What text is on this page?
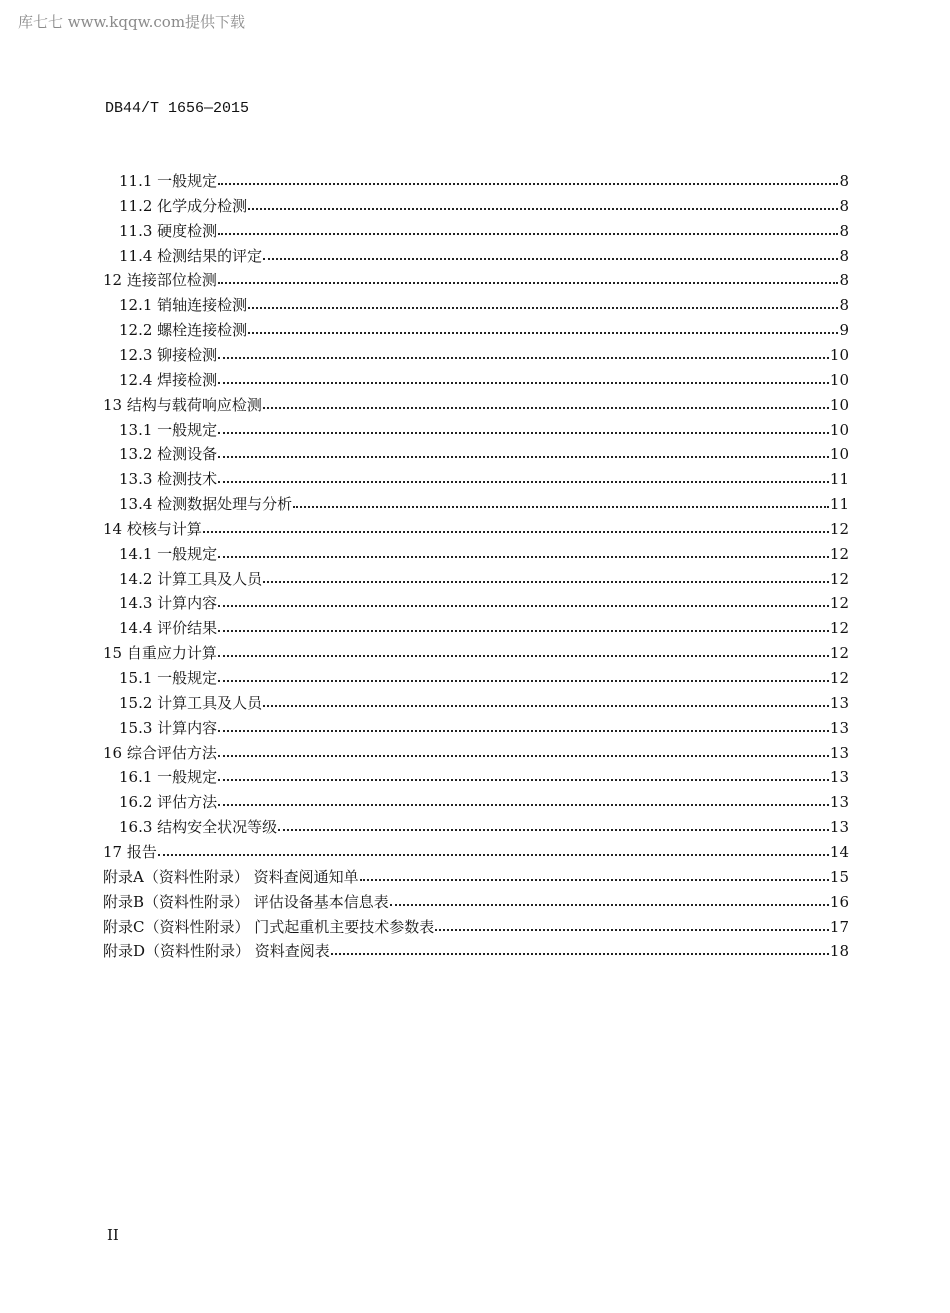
库七七 www.kqqw.com提供下载
DB44/T 1656—2015
11.1 一般规定	8
11.2 化学成分检测	8
11.3 硬度检测	8
11.4 检测结果的评定	8
12 连接部位检测	8
12.1 销轴连接检测	8
12.2 螺栓连接检测	9
12.3 铆接检测	10
12.4 焊接检测	10
13 结构与载荷响应检测	10
13.1 一般规定	10
13.2 检测设备	10
13.3 检测技术	11
13.4 检测数据处理与分析	11
14 校核与计算	12
14.1 一般规定	12
14.2 计算工具及人员	12
14.3 计算内容	12
14.4 评价结果	12
15 自重应力计算	12
15.1 一般规定	12
15.2 计算工具及人员	13
15.3 计算内容	13
16 综合评估方法	13
16.1 一般规定	13
16.2 评估方法	13
16.3 结构安全状况等级	13
17 报告	14
附录A（资料性附录） 资料查阅通知单	15
附录B（资料性附录） 评估设备基本信息表	16
附录C（资料性附录） 门式起重机主要技术参数表	17
附录D（资料性附录） 资料查阅表	18
II
